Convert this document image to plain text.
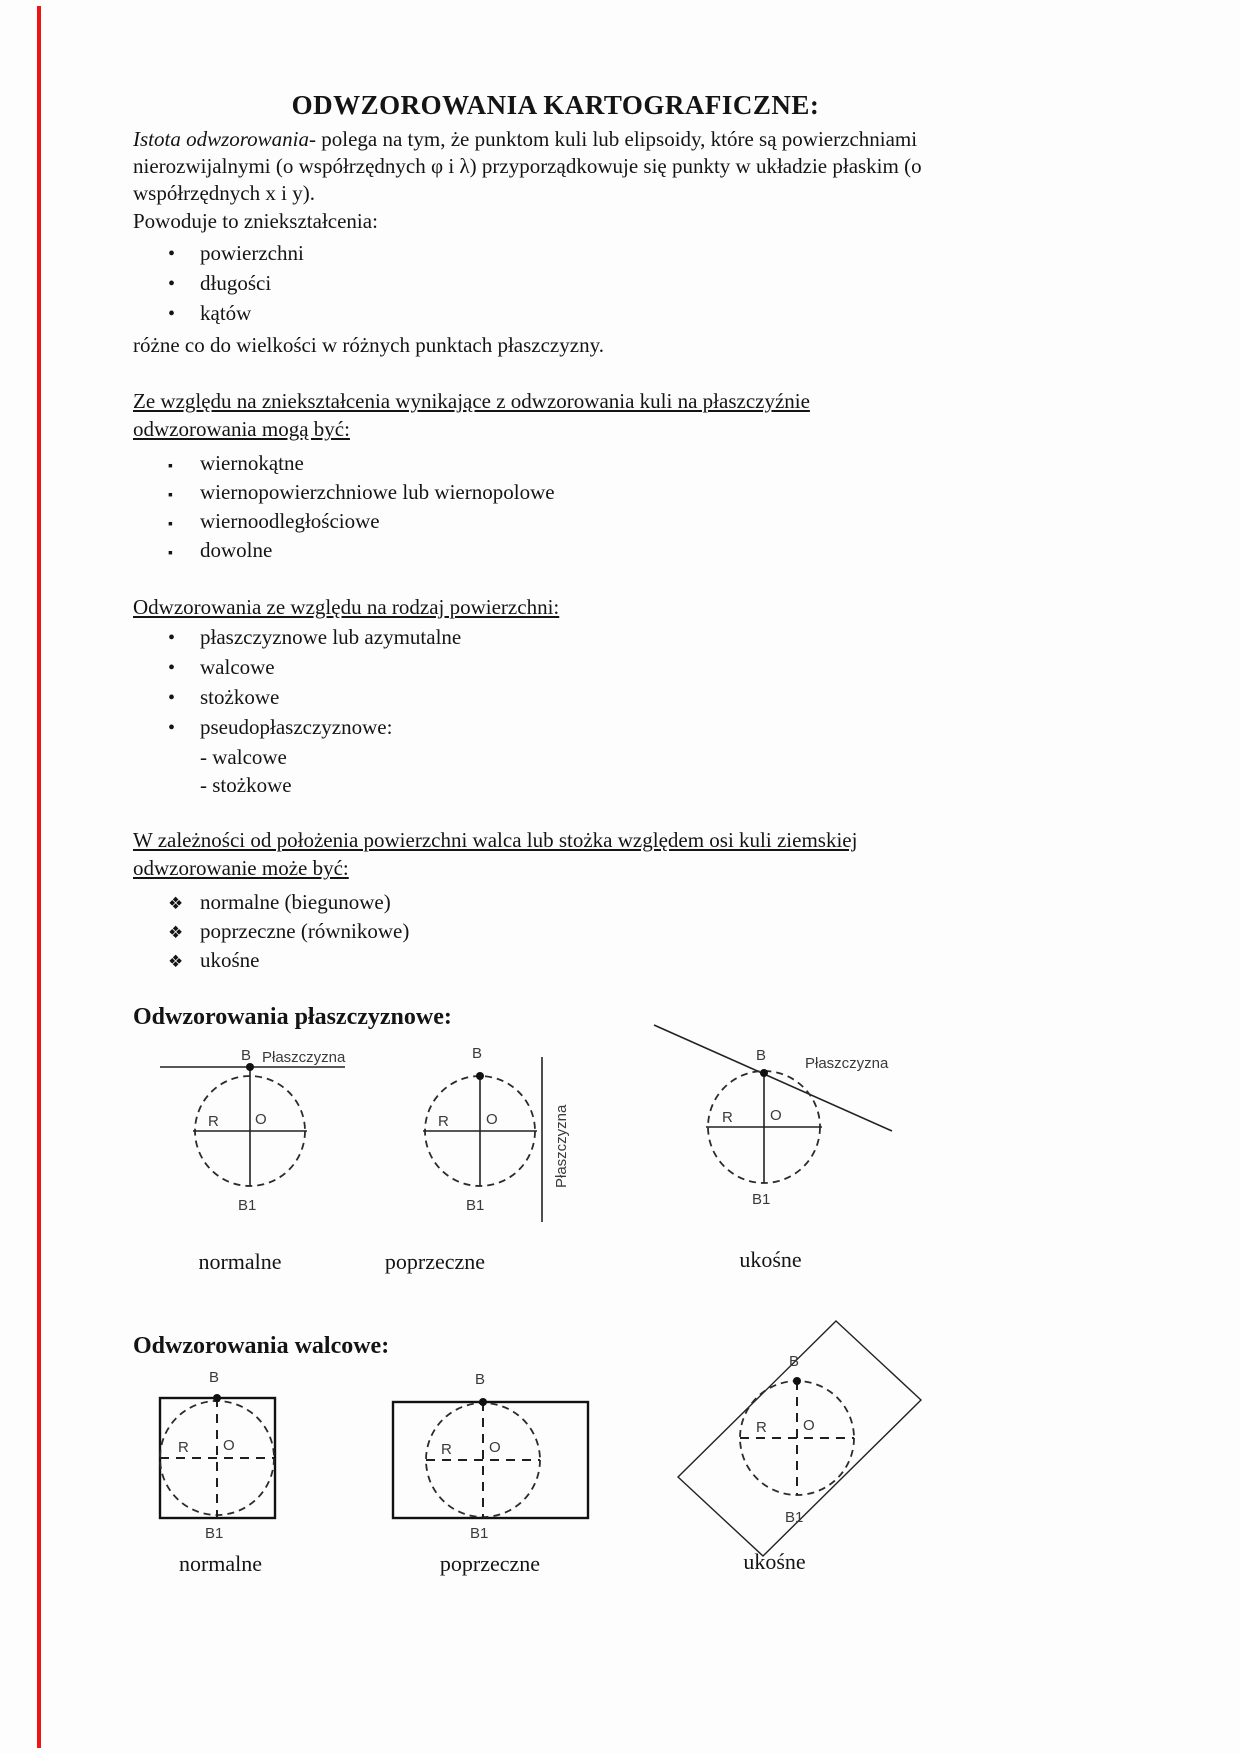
ODWZOROWANIA KARTOGRAFICZNE:
Istota odwzorowania- polega na tym, że punktom kuli lub elipsoidy, które są powierzchniami
nierozwijalnymi (o współrzędnych φ i λ) przyporządkowuje się punkty w układzie płaskim (o
współrzędnych x i y).
Powoduje to zniekształcenia:
• powierzchni
• długości
• kątów
różne co do wielkości w różnych punktach płaszczyzny.
Ze względu na zniekształcenia wynikające z odwzorowania kuli na płaszczyźnie
odwzorowania mogą być:
▪ wiernokątne
▪ wiernopowierzchniowe lub wiernopolowe
▪ wiernoodległościowe
▪ dowolne
Odwzorowania ze względu na rodzaj powierzchni:
• płaszczyznowe lub azymutalne
• walcowe
• stożkowe
• pseudopłaszczyznowe:
- walcowe
- stożkowe
W zależności od położenia powierzchni walca lub stożka względem osi kuli ziemskiej
odwzorowanie może być:
❖ normalne (biegunowe)
❖ poprzeczne (równikowe)
❖ ukośne
Odwzorowania płaszczyznowe:
B Płaszczyzna
R O
B1
B
Płaszczyzna
R O
B1
B	Płaszczyzna
R O
B1
normalne	poprzeczne	ukośne
Odwzorowania walcowe:
B
R O
B1
B
R O
B1
B
R O
B1
normalne	poprzeczne	ukośne
